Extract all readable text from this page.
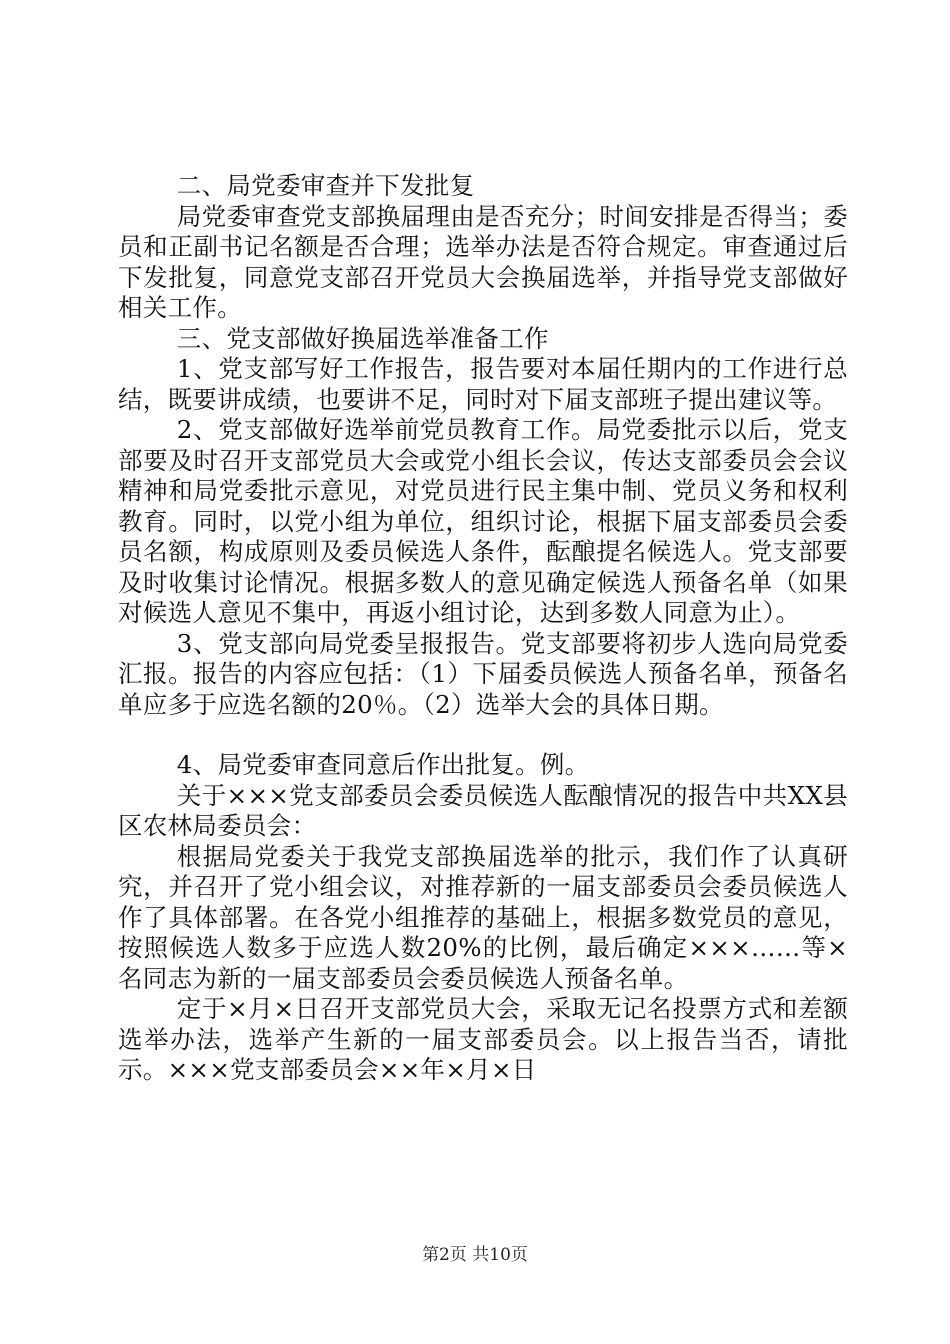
二、局党委审查并下发批复

局党委审查党支部换届理由是否充分；时间安排是否得当；委员和正副书记名额是否合理；选举办法是否符合规定。审查通过后下发批复，同意党支部召开党员大会换届选举，并指导党支部做好相关工作。

三、党支部做好换届选举准备工作

1、党支部写好工作报告，报告要对本届任期内的工作进行总结，既要讲成绩，也要讲不足，同时对下届支部班子提出建议等。

2、党支部做好选举前党员教育工作。局党委批示以后，党支部要及时召开支部党员大会或党小组长会议，传达支部委员会会议精神和局党委批示意见，对党员进行民主集中制、党员义务和权利教育。同时，以党小组为单位，组织讨论，根据下届支部委员会委员名额，构成原则及委员候选人条件，酝酿提名候选人。党支部要及时收集讨论情况。根据多数人的意见确定候选人预备名单（如果对候选人意见不集中，再返小组讨论，达到多数人同意为止）。

3、党支部向局党委呈报报告。党支部要将初步人选向局党委汇报。报告的内容应包括：（1）下届委员候选人预备名单，预备名单应多于应选名额的20％。（2）选举大会的具体日期。

4、局党委审查同意后作出批复。例。

关于×××党支部委员会委员候选人酝酿情况的报告中共XX县区农林局委员会：

根据局党委关于我党支部换届选举的批示，我们作了认真研究，并召开了党小组会议，对推荐新的一届支部委员会委员候选人作了具体部署。在各党小组推荐的基础上，根据多数党员的意见，按照候选人数多于应选人数20%的比例，最后确定×××……等×名同志为新的一届支部委员会委员候选人预备名单。

定于×月×日召开支部党员大会，采取无记名投票方式和差额选举办法，选举产生新的一届支部委员会。以上报告当否，请批示。×××党支部委员会××年×月×日

第2页 共10页
